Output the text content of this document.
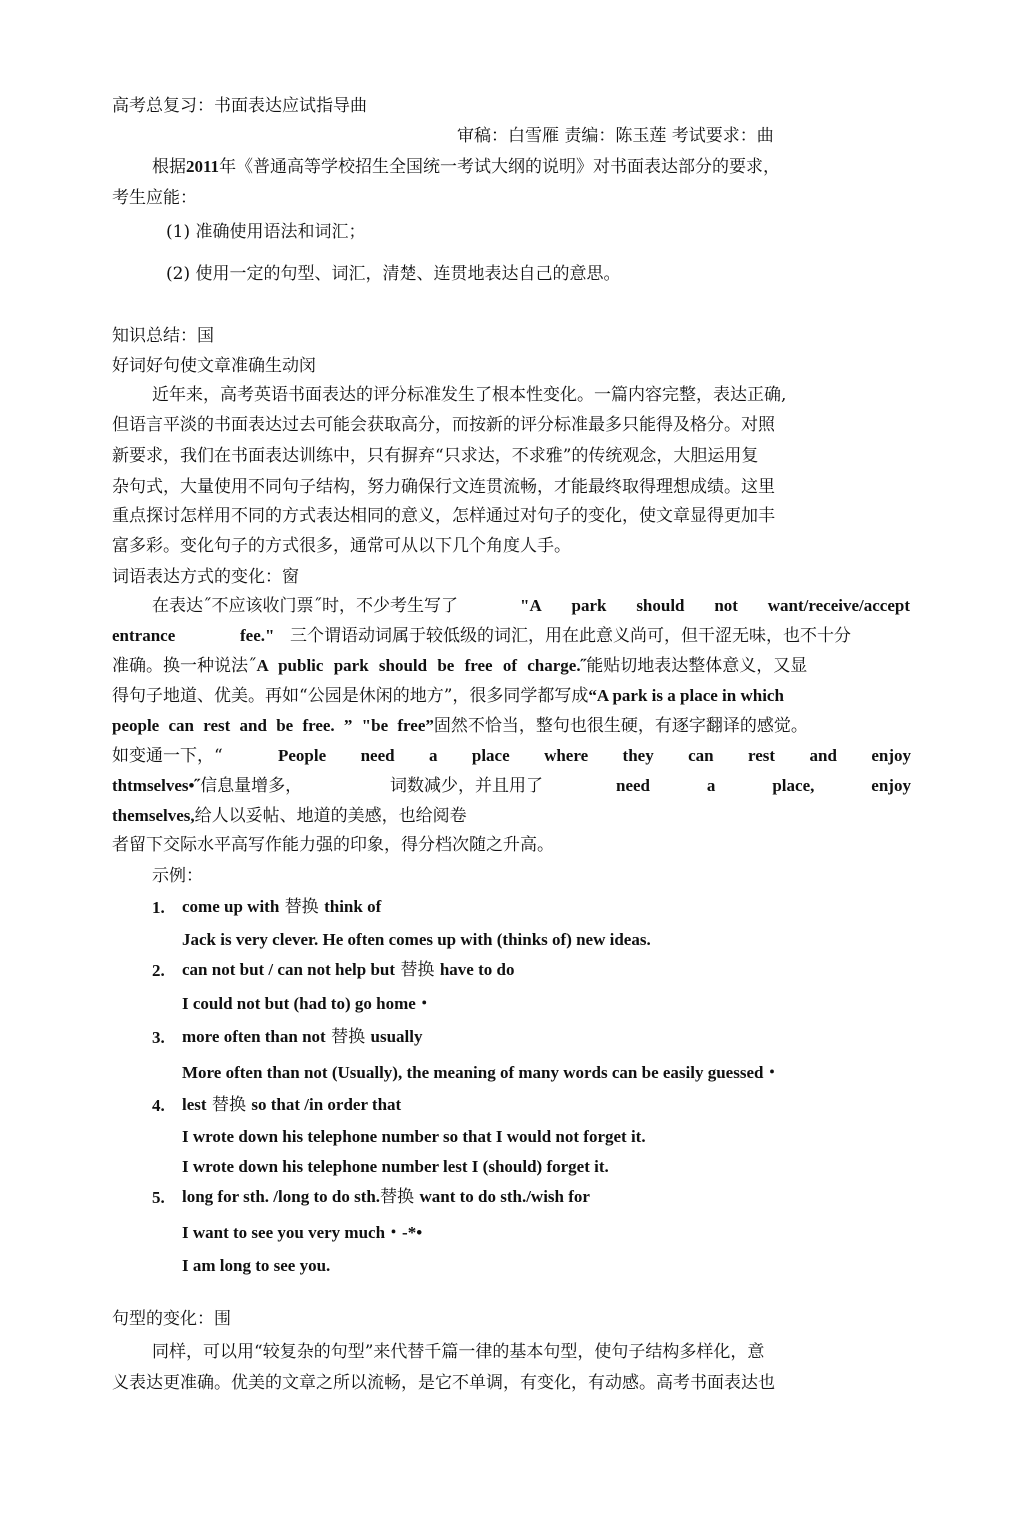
高考总复习：书面表达应试指导曲
审稿：白雪雁 责编：陈玉莲 考试要求：曲
根据2011年《普通高等学校招生全国统一考试大纲的说明》对书面表达部分的要求，
考生应能：
(1) 准确使用语法和词汇；
(2) 使用一定的句型、词汇，清楚、连贯地表达自己的意思。
知识总结：国
好词好句使文章准确生动闵
近年来，高考英语书面表达的评分标准发生了根本性变化。一篇内容完整，表达正确,
但语言平淡的书面表达过去可能会获取高分，而按新的评分标准最多只能得及格分。对照
新要求，我们在书面表达训练中，只有摒弃“只求达，不求雅”的传统观念，大胆运用复
杂句式，大量使用不同句子结构，努力确保行文连贯流畅，才能最终取得理想成绩。这里
重点探讨怎样用不同的方式表达相同的意义，怎样通过对句子的变化，使文章显得更加丰
富多彩。变化句子的方式很多，通常可从以下几个角度人手。
词语表达方式的变化：窗
在表达˝不应该收门票˝时，不少考生写了	"A park should not want/receive/accept
entrance	fee." 三个谓语动词属于较低级的词汇，用在此意义尚可，但干涩无味，也不十分
准确。换一种说法˝A public park should be free of charge.˝能贴切地表达整体意义，又显
得句子地道、优美。再如“公园是休闲的地方”，很多同学都写成“A park is a place in which
people can rest and be free. ” "be free”固然不恰当，整句也很生硬，有逐字翻译的感觉。
如变通一下，“	People need a place where they can rest and enjoy
thtmselves•˝信息量增多，	词数减少，并且用了	need	a	place,	enjoy
themselves,给人以妥帖、地道的美感，也给阅卷
者留下交际水平高写作能力强的印象，得分档次随之升高。
示例：
1. come up with 替换 think of
Jack is very clever. He often comes up with (thinks of) new ideas.
2. can not but / can not help but 替换 have to do
I could not but (had to) go home・
3. more often than not 替换 usually
More often than not (Usually), the meaning of many words can be easily guessed・
4. lest 替换 so that /in order that
I wrote down his telephone number so that I would not forget it.
I wrote down his telephone number lest I (should) forget it.
5. long for sth. /long to do sth.替换 want to do sth./wish for
I want to see you very much・-*•
I am long to see you.
句型的变化：围
同样，可以用“较复杂的句型”来代替千篇一律的基本句型，使句子结构多样化，意
义表达更准确。优美的文章之所以流畅，是它不单调，有变化，有动感。高考书面表达也
